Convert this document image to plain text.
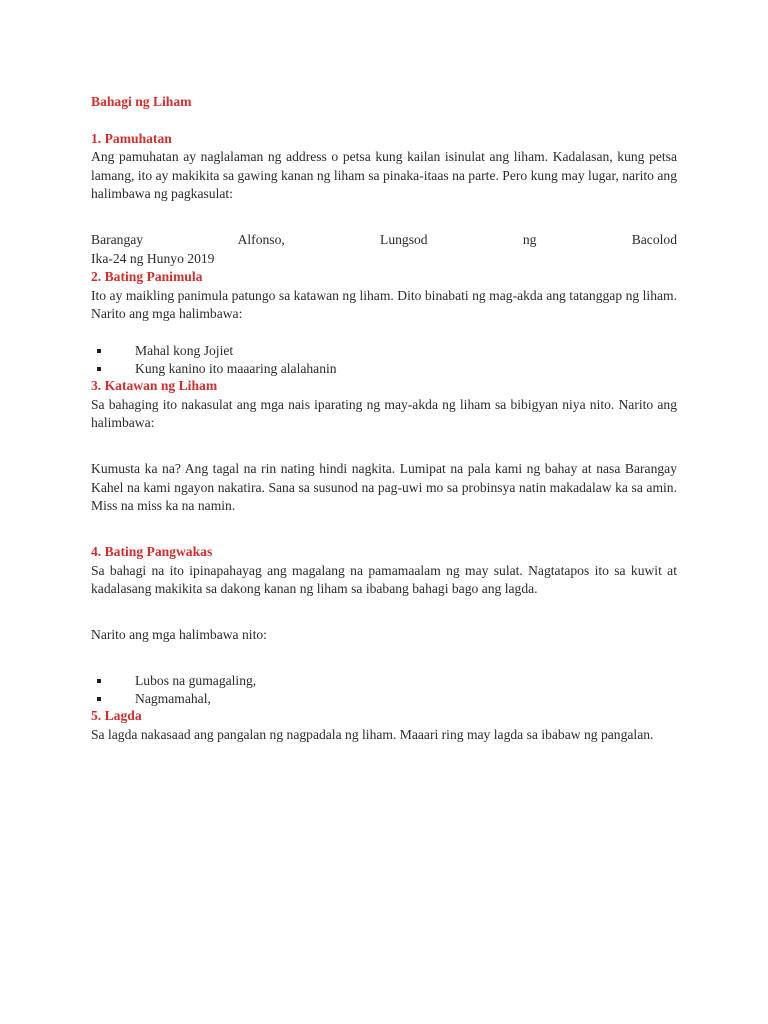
Bahagi ng Liham

1. Pamuhatan

Ang pamuhatan ay naglalaman ng address o petsa kung kailan isinulat ang liham. Kadalasan, kung petsa lamang, ito ay makikita sa gawing kanan ng liham sa pinaka-itaas na parte. Pero kung may lugar, narito ang halimbawa ng pagkasulat:

Barangay Alfonso, Lungsod ng Bacolod

Ika-24 ng Hunyo 2019

2. Bating Panimula

Ito ay maikling panimula patungo sa katawan ng liham. Dito binabati ng mag-akda ang tatanggap ng liham. Narito ang mga halimbawa:

Mahal kong Jojiet
Kung kanino ito maaaring alalahanin

3. Katawan ng Liham

Sa bahaging ito nakasulat ang mga nais iparating ng may-akda ng liham sa bibigyan niya nito. Narito ang halimbawa:

Kumusta ka na? Ang tagal na rin nating hindi nagkita. Lumipat na pala kami ng bahay at nasa Barangay Kahel na kami ngayon nakatira. Sana sa susunod na pag-uwi mo sa probinsya natin makadalaw ka sa amin. Miss na miss ka na namin.

4. Bating Pangwakas

Sa bahagi na ito ipinapahayag ang magalang na pamamaalam ng may sulat. Nagtatapos ito sa kuwit at kadalasang makikita sa dakong kanan ng liham sa ibabang bahagi bago ang lagda.

Narito ang mga halimbawa nito:

Lubos na gumagaling,
Nagmamahal,

5. Lagda

Sa lagda nakasaad ang pangalan ng nagpadala ng liham. Maaari ring may lagda sa ibabaw ng pangalan.
